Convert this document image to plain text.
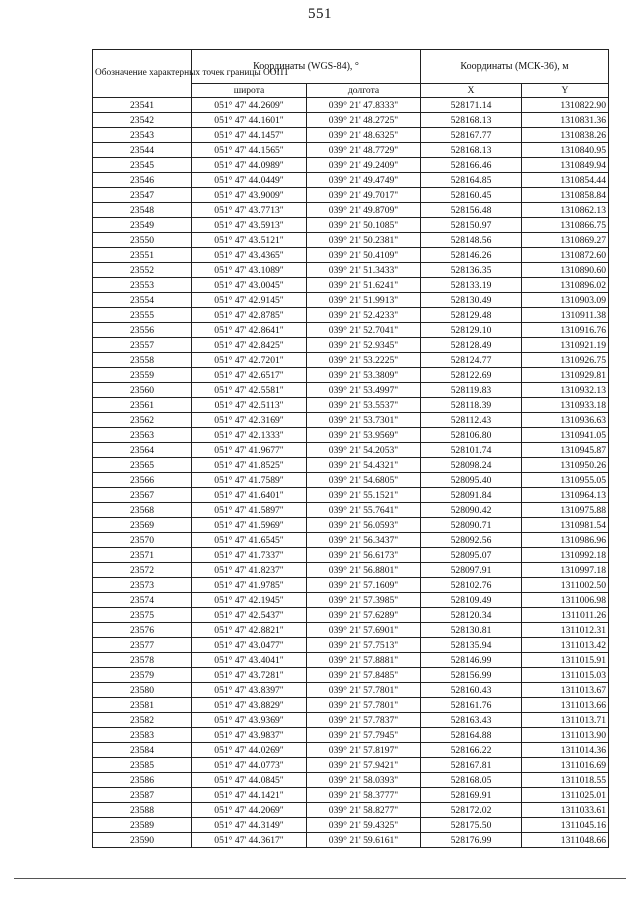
551
Обозначение характерных точек границы ООПТ	Координаты (WGS-84), °		Координаты (МСК-36), м	
	широта	долгота	X	Y
23541	051° 47' 44.2609"	039° 21' 47.8333"	528171.14	1310822.90
23542	051° 47' 44.1601"	039° 21' 48.2725"	528168.13	1310831.36
23543	051° 47' 44.1457"	039° 21' 48.6325"	528167.77	1310838.26
23544	051° 47' 44.1565"	039° 21' 48.7729"	528168.13	1310840.95
23545	051° 47' 44.0989"	039° 21' 49.2409"	528166.46	1310849.94
23546	051° 47' 44.0449"	039° 21' 49.4749"	528164.85	1310854.44
23547	051° 47' 43.9009"	039° 21' 49.7017"	528160.45	1310858.84
23548	051° 47' 43.7713"	039° 21' 49.8709"	528156.48	1310862.13
23549	051° 47' 43.5913"	039° 21' 50.1085"	528150.97	1310866.75
23550	051° 47' 43.5121"	039° 21' 50.2381"	528148.56	1310869.27
23551	051° 47' 43.4365"	039° 21' 50.4109"	528146.26	1310872.60
23552	051° 47' 43.1089"	039° 21' 51.3433"	528136.35	1310890.60
23553	051° 47' 43.0045"	039° 21' 51.6241"	528133.19	1310896.02
23554	051° 47' 42.9145"	039° 21' 51.9913"	528130.49	1310903.09
23555	051° 47' 42.8785"	039° 21' 52.4233"	528129.48	1310911.38
23556	051° 47' 42.8641"	039° 21' 52.7041"	528129.10	1310916.76
23557	051° 47' 42.8425"	039° 21' 52.9345"	528128.49	1310921.19
23558	051° 47' 42.7201"	039° 21' 53.2225"	528124.77	1310926.75
23559	051° 47' 42.6517"	039° 21' 53.3809"	528122.69	1310929.81
23560	051° 47' 42.5581"	039° 21' 53.4997"	528119.83	1310932.13
23561	051° 47' 42.5113"	039° 21' 53.5537"	528118.39	1310933.18
23562	051° 47' 42.3169"	039° 21' 53.7301"	528112.43	1310936.63
23563	051° 47' 42.1333"	039° 21' 53.9569"	528106.80	1310941.05
23564	051° 47' 41.9677"	039° 21' 54.2053"	528101.74	1310945.87
23565	051° 47' 41.8525"	039° 21' 54.4321"	528098.24	1310950.26
23566	051° 47' 41.7589"	039° 21' 54.6805"	528095.40	1310955.05
23567	051° 47' 41.6401"	039° 21' 55.1521"	528091.84	1310964.13
23568	051° 47' 41.5897"	039° 21' 55.7641"	528090.42	1310975.88
23569	051° 47' 41.5969"	039° 21' 56.0593"	528090.71	1310981.54
23570	051° 47' 41.6545"	039° 21' 56.3437"	528092.56	1310986.96
23571	051° 47' 41.7337"	039° 21' 56.6173"	528095.07	1310992.18
23572	051° 47' 41.8237"	039° 21' 56.8801"	528097.91	1310997.18
23573	051° 47' 41.9785"	039° 21' 57.1609"	528102.76	1311002.50
23574	051° 47' 42.1945"	039° 21' 57.3985"	528109.49	1311006.98
23575	051° 47' 42.5437"	039° 21' 57.6289"	528120.34	1311011.26
23576	051° 47' 42.8821"	039° 21' 57.6901"	528130.81	1311012.31
23577	051° 47' 43.0477"	039° 21' 57.7513"	528135.94	1311013.42
23578	051° 47' 43.4041"	039° 21' 57.8881"	528146.99	1311015.91
23579	051° 47' 43.7281"	039° 21' 57.8485"	528156.99	1311015.03
23580	051° 47' 43.8397"	039° 21' 57.7801"	528160.43	1311013.67
23581	051° 47' 43.8829"	039° 21' 57.7801"	528161.76	1311013.66
23582	051° 47' 43.9369"	039° 21' 57.7837"	528163.43	1311013.71
23583	051° 47' 43.9837"	039° 21' 57.7945"	528164.88	1311013.90
23584	051° 47' 44.0269"	039° 21' 57.8197"	528166.22	1311014.36
23585	051° 47' 44.0773"	039° 21' 57.9421"	528167.81	1311016.69
23586	051° 47' 44.0845"	039° 21' 58.0393"	528168.05	1311018.55
23587	051° 47' 44.1421"	039° 21' 58.3777"	528169.91	1311025.01
23588	051° 47' 44.2069"	039° 21' 58.8277"	528172.02	1311033.61
23589	051° 47' 44.3149"	039° 21' 59.4325"	528175.50	1311045.16
23590	051° 47' 44.3617"	039° 21' 59.6161"	528176.99	1311048.66
